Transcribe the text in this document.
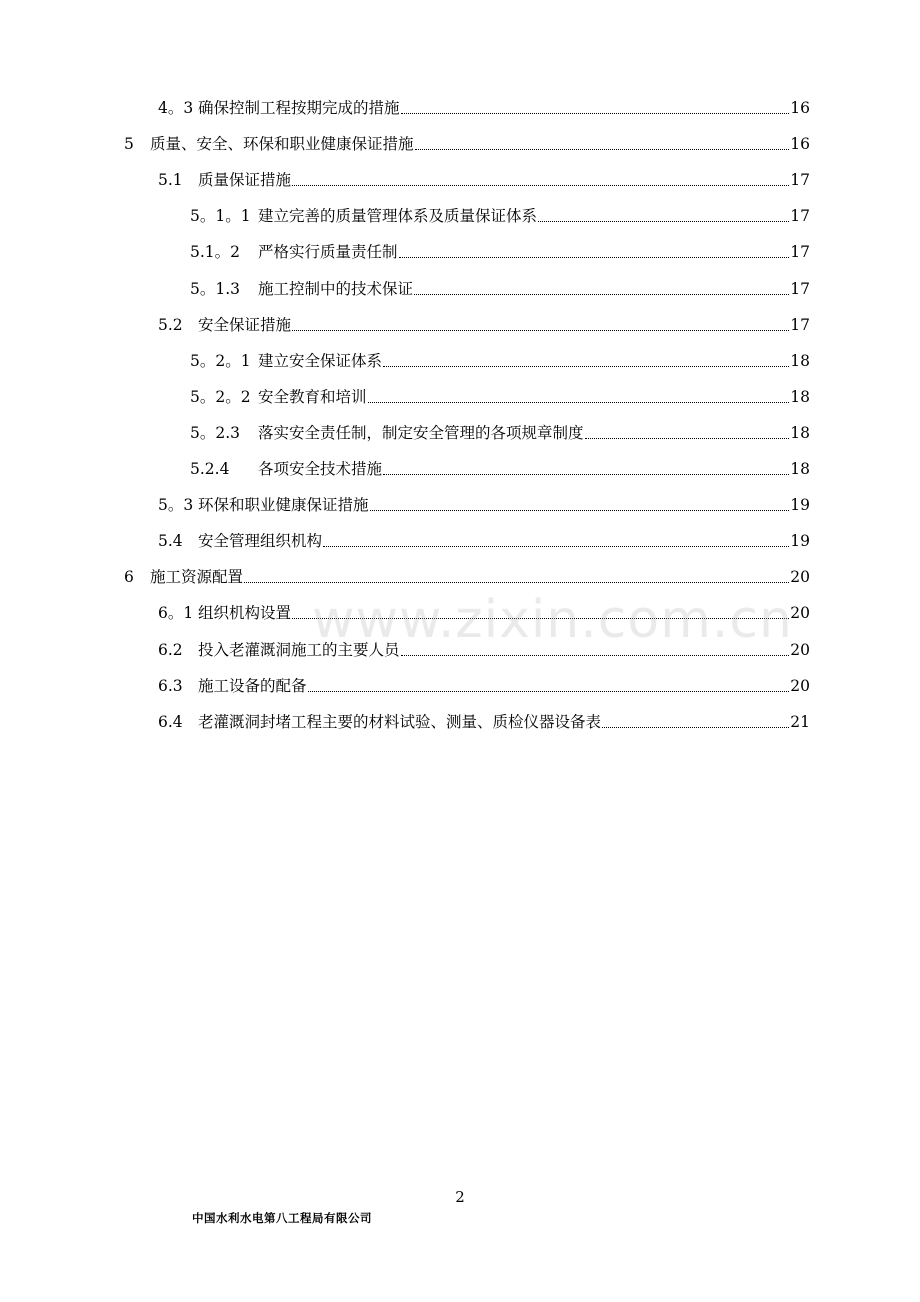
4。3 确保控制工程按期完成的措施	16
5	质量、安全、环保和职业健康保证措施	16
5.1 质量保证措施	17
5。1。1 建立完善的质量管理体系及质量保证体系	17
5.1。2	严格实行质量责任制	17
5。1.3	施工控制中的技术保证	17
5.2 安全保证措施	17
5。2。1 建立安全保证体系	18
5。2。2 安全教育和培训	18
5。2.3	落实安全责任制，制定安全管理的各项规章制度	18
5.2.4	各项安全技术措施	18
5。3 环保和职业健康保证措施	19
5.4 安全管理组织机构	19
6	施工资源配置	20
6。1 组织机构设置	20
6.2 投入老灌溉洞施工的主要人员	20
6.3 施工设备的配备	20
6.4 老灌溉洞封堵工程主要的材料试验、测量、质检仪器设备表	21
www.zixin.com.cn
2
中国水利水电第八工程局有限公司
